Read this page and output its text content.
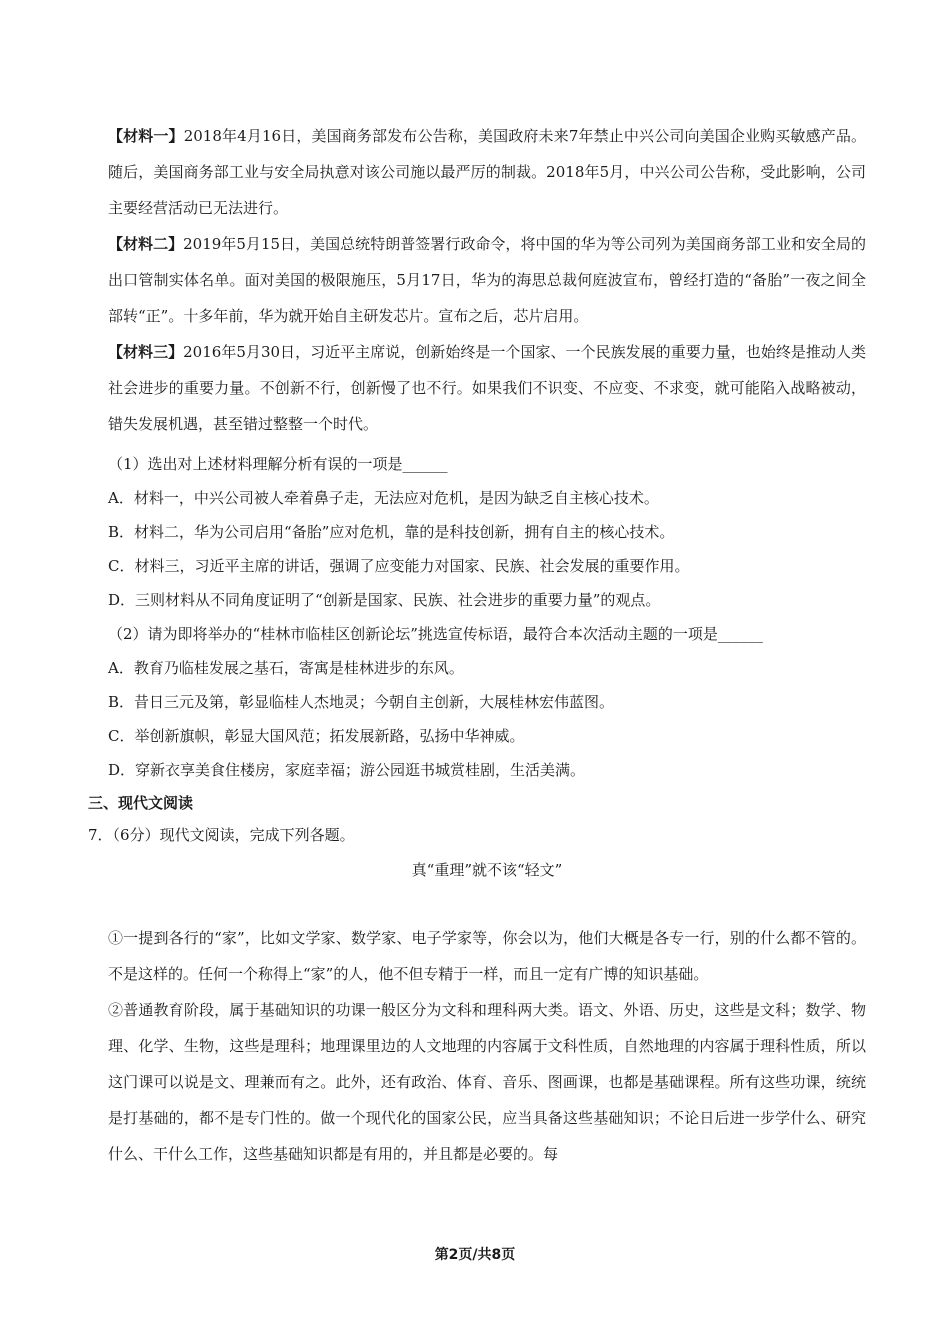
【材料一】2018年4月16日，美国商务部发布公告称，美国政府未来7年禁止中兴公司向美国企业购买敏感产品。随后，美国商务部工业与安全局执意对该公司施以最严厉的制裁。2018年5月，中兴公司公告称，受此影响，公司主要经营活动已无法进行。

【材料二】2019年5月15日，美国总统特朗普签署行政命令，将中国的华为等公司列为美国商务部工业和安全局的出口管制实体名单。面对美国的极限施压，5月17日，华为的海思总裁何庭波宣布，曾经打造的“备胎”一夜之间全部转“正”。十多年前，华为就开始自主研发芯片。宣布之后，芯片启用。

【材料三】2016年5月30日，习近平主席说，创新始终是一个国家、一个民族发展的重要力量，也始终是推动人类社会进步的重要力量。不创新不行，创新慢了也不行。如果我们不识变、不应变、不求变，就可能陷入战略被动，错失发展机遇，甚至错过整整一个时代。

（1）选出对上述材料理解分析有误的一项是______

A．材料一，中兴公司被人牵着鼻子走，无法应对危机，是因为缺乏自主核心技术。

B．材料二，华为公司启用“备胎”应对危机，靠的是科技创新，拥有自主的核心技术。

C．材料三，习近平主席的讲话，强调了应变能力对国家、民族、社会发展的重要作用。

D．三则材料从不同角度证明了“创新是国家、民族、社会进步的重要力量”的观点。

（2）请为即将举办的“桂林市临桂区创新论坛”挑选宣传标语，最符合本次活动主题的一项是______

A．教育乃临桂发展之基石，寄寓是桂林进步的东风。

B．昔日三元及第，彰显临桂人杰地灵；今朝自主创新，大展桂林宏伟蓝图。

C．举创新旗帜，彰显大国风范；拓发展新路，弘扬中华神威。

D．穿新衣享美食住楼房，家庭幸福；游公园逛书城赏桂剧，生活美满。

三、现代文阅读
7．（6分）现代文阅读，完成下列各题。
真“重理”就不该“轻文”

①一提到各行的“家”，比如文学家、数学家、电子学家等，你会以为，他们大概是各专一行，别的什么都不管的。不是这样的。任何一个称得上“家”的人，他不但专精于一样，而且一定有广博的知识基础。

②普通教育阶段，属于基础知识的功课一般区分为文科和理科两大类。语文、外语、历史，这些是文科；数学、物理、化学、生物，这些是理科；地理课里边的人文地理的内容属于文科性质，自然地理的内容属于理科性质，所以这门课可以说是文、理兼而有之。此外，还有政治、体育、音乐、图画课，也都是基础课程。所有这些功课，统统是打基础的，都不是专门性的。做一个现代化的国家公民，应当具备这些基础知识；不论日后进一步学什么、研究什么、干什么工作，这些基础知识都是有用的，并且都是必要的。每

第2页/共8页
